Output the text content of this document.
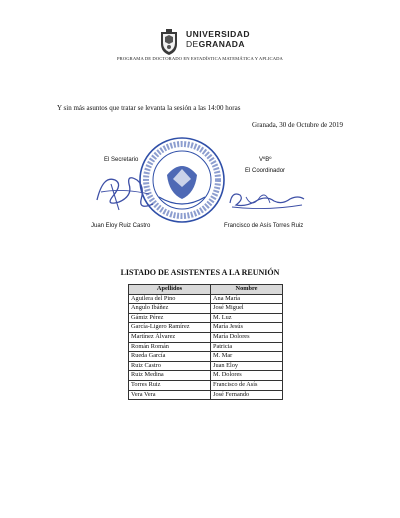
UNIVERSIDAD
DEGRANADA
PROGRAMA DE DOCTORADO EN ESTADÍSTICA MATEMÁTICA Y APLICADA
Y sin más asuntos que tratar se levanta la sesión a las 14:00 horas
Granada, 30 de Octubre de 2019
El Secretario	VºBº
El Coordinador
Juan Eloy Ruiz Castro	Francisco de Asís Torres Ruiz
LISTADO DE ASISTENTES A LA REUNIÓN
Apellidos	Nombre
Aguilera del Pino	Ana María
Angulo Ibáñez	José Miguel
Gámiz Pérez	M. Luz
García-Ligero Ramírez	María Jesús
Martínez Álvarez	María Dolores
Román Román	Patricia
Rueda García	M. Mar
Ruiz Castro	Juan Eloy
Ruiz Medina	M. Dolores
Torres Ruiz	Francisco de Asís
Vera Vera	José Fernando
